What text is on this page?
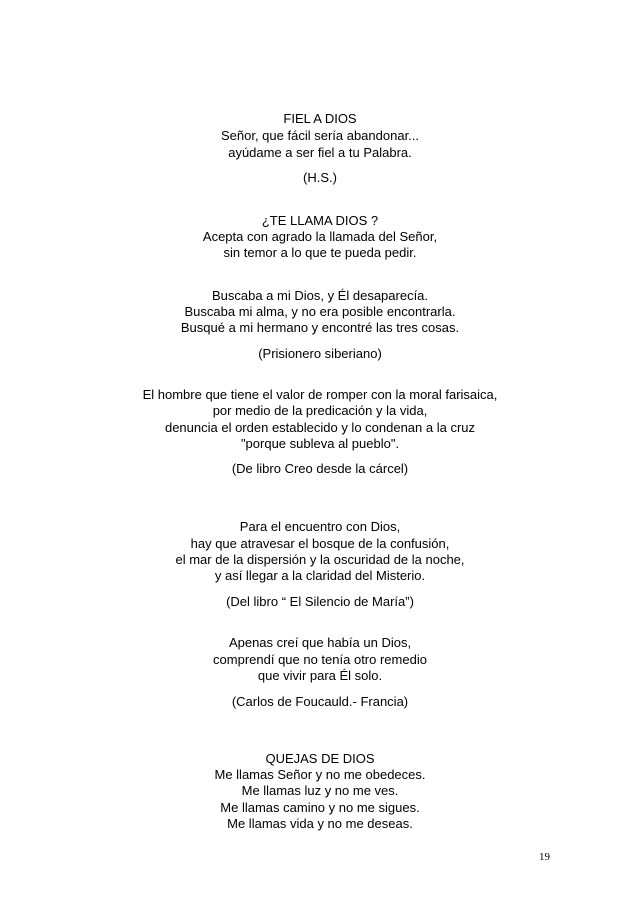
FIEL A DIOS
Señor, que fácil sería abandonar...
ayúdame a ser fiel a tu Palabra.
(H.S.)
¿TE LLAMA DIOS ?
Acepta con agrado la llamada del Señor,
sin temor a lo que te pueda pedir.
Buscaba a mi Dios, y Él desaparecía.
Buscaba mi alma, y no era posible encontrarla.
Busqué a mi hermano y encontré las tres cosas.
(Prisionero siberiano)
El hombre que tiene el valor de romper con la moral farisaica,
por medio de la predicación y la vida,
denuncia el orden establecido y lo condenan a la cruz
"porque subleva al pueblo".
(De libro Creo desde la cárcel)
Para el encuentro con Dios,
hay que atravesar el bosque de la confusión,
el mar de la dispersión y la oscuridad de la noche,
y así llegar a la claridad del Misterio.
(Del libro “ El Silencio de María”)
Apenas creí que había un Dios,
comprendí que no tenía otro remedio
que vivir para Él solo.
(Carlos de Foucauld.- Francia)
QUEJAS DE DIOS
Me llamas Señor y no me obedeces.
Me llamas luz y no me ves.
Me llamas camino y no me sigues.
Me llamas vida y no me deseas.
19
